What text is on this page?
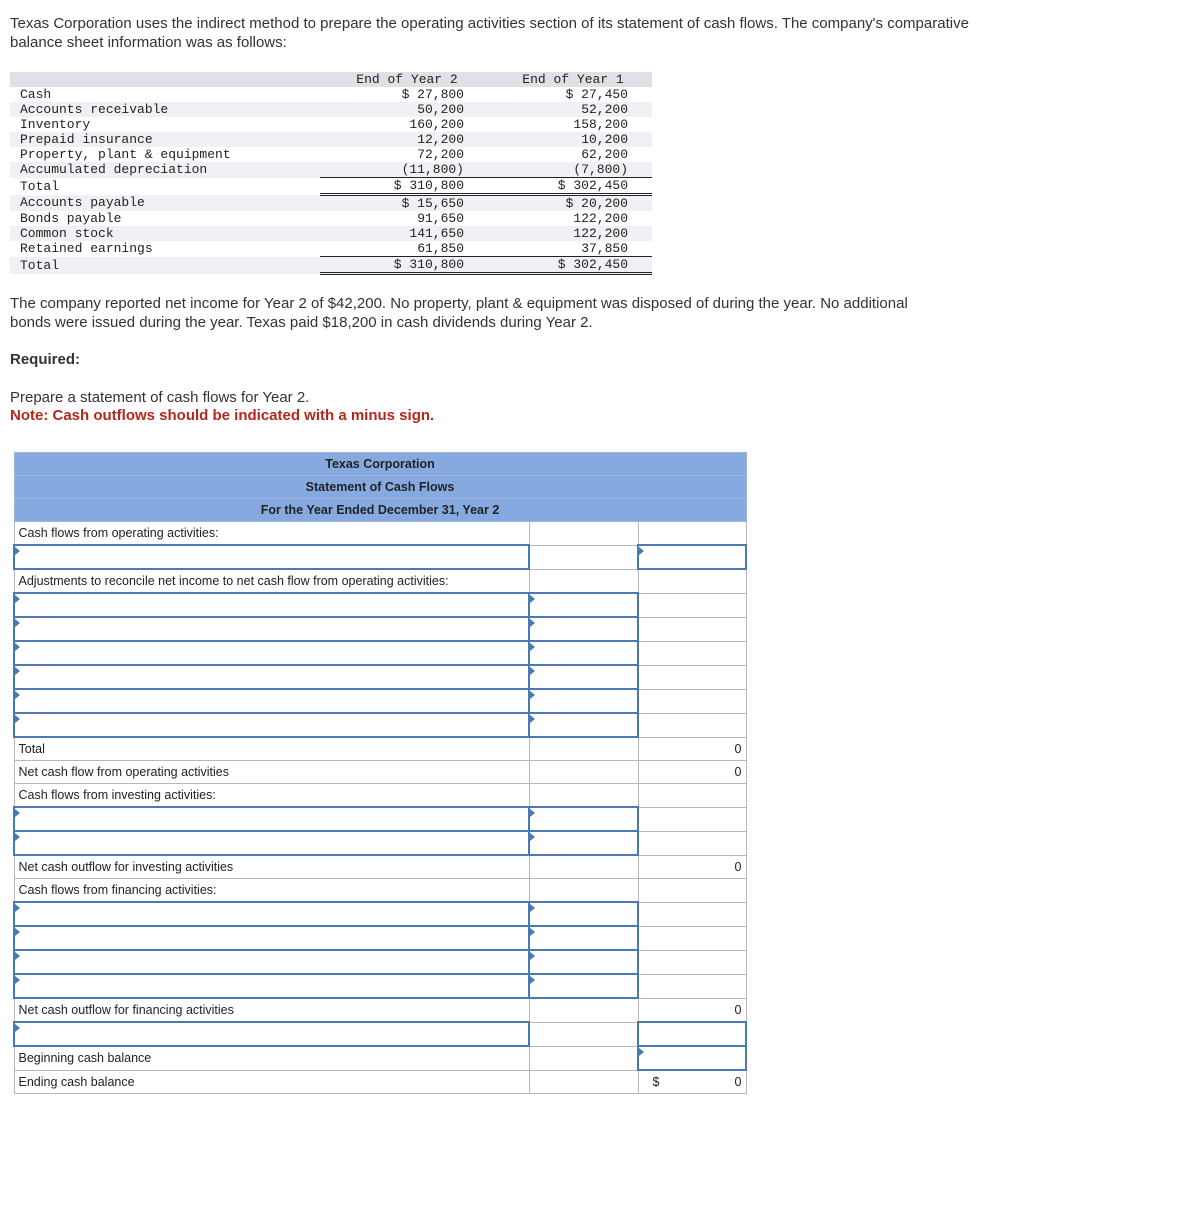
Texas Corporation uses the indirect method to prepare the operating activities section of its statement of cash flows. The company's comparative balance sheet information was as follows:
	End of Year 2	End of Year 1
Cash	$ 27,800	$ 27,450
Accounts receivable	50,200	52,200
Inventory	160,200	158,200
Prepaid insurance	12,200	10,200
Property, plant & equipment	72,200	62,200
Accumulated depreciation	(11,800)	(7,800)
Total	$ 310,800	$ 302,450
Accounts payable	$ 15,650	$ 20,200
Bonds payable	91,650	122,200
Common stock	141,650	122,200
Retained earnings	61,850	37,850
Total	$ 310,800	$ 302,450
The company reported net income for Year 2 of $42,200. No property, plant & equipment was disposed of during the year. No additional bonds were issued during the year. Texas paid $18,200 in cash dividends during Year 2.
Required:
Prepare a statement of cash flows for Year 2.
Note: Cash outflows should be indicated with a minus sign.
Texas Corporation		
Statement of Cash Flows		
For the Year Ended December 31, Year 2		
Cash flows from operating activities:		

Adjustments to reconcile net income to net cash flow from operating activities:		

Total		0
Net cash flow from operating activities		0
Cash flows from investing activities:		

Net cash outflow for investing activities		0
Cash flows from financing activities:		

Net cash outflow for financing activities		0

Beginning cash balance		

Ending cash balance		$ 0
